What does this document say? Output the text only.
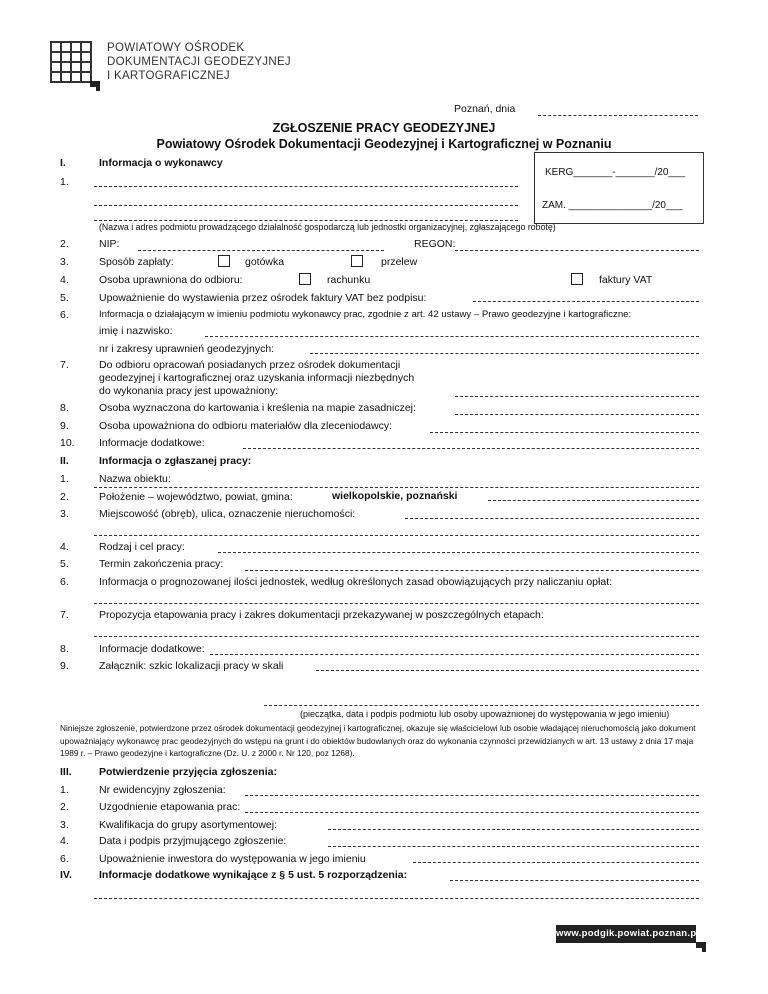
POWIATOWY OŚRODEK
DOKUMENTACJI GEODEZYJNEJ
I KARTOGRAFICZNEJ
Poznań, dnia
ZGŁOSZENIE PRACY GEODEZYJNEJ
Powiatowy Ośrodek Dokumentacji Geodezyjnej i Kartograficznej w Poznaniu
KERG_______-_______/20___
ZAM. _______________/20___
I.	Informacja o wykonawcy
1.
(Nazwa i adres podmiotu prowadzącego działalność gospodarczą lub jednostki organizacyjnej, zgłaszającego robotę)
2.	NIP:	REGON:
3.	Sposób zapłaty:	gotówka	przelew
4.	Osoba uprawniona do odbioru:	rachunku	faktury VAT
5.	Upoważnienie do wystawienia przez ośrodek faktury VAT bez podpisu:
6.	Informacja o działającym w imieniu podmiotu wykonawcy prac, zgodnie z art. 42 ustawy – Prawo geodezyjne i kartograficzne:
imię i nazwisko:
nr i zakresy uprawnień geodezyjnych:
7.	Do odbioru opracowań posiadanych przez ośrodek dokumentacji
geodezyjnej i kartograficznej oraz uzyskania informacji niezbędnych
do wykonania pracy jest upoważniony:
8.	Osoba wyznaczona do kartowania i kreślenia na mapie zasadniczej:
9.	Osoba upoważniona do odbioru materiałów dla zleceniodawcy:
10. Informacje dodatkowe:
II.	Informacja o zgłaszanej pracy:
1.	Nazwa obiektu:
2.	Położenie – województwo, powiat, gmina:	wielkopolskie, poznański
3.	Miejscowość (obręb), ulica, oznaczenie nieruchomości:
4.	Rodzaj i cel pracy:
5.	Termin zakończenia pracy:
6.	Informacja o prognozowanej ilości jednostek, według określonych zasad obowiązujących przy naliczaniu opłat:
7.	Propozycja etapowania pracy i zakres dokumentacji przekazywanej w poszczególnych etapach:
8.	Informacje dodatkowe:
9.	Załącznik: szkic lokalizacji pracy w skali
(pieczątka, data i podpis podmiotu lub osoby upoważnionej do występowania w jego imieniu)
Niniejsze zgłoszenie, potwierdzone przez ośrodek dokumentacji geodezyjnej i kartograficznej, okazuje się właścicielowi lub osobie władającej nieruchomością jako dokument upoważniający wykonawcę prac geodezyjnych do wstępu na grunt i do obiektów budowlanych oraz do wykonania czynności przewidzianych w art. 13 ustawy z dnia 17 maja 1989 r. – Prawo geodezyjne i kartograficzne (Dz. U. z 2000 r. Nr 120, poz 1268).
III.	Potwierdzenie przyjęcia zgłoszenia:
1.	Nr ewidencyjny zgłoszenia:
2.	Uzgodnienie etapowania prac:
3.	Kwalifikacja do grupy asortymentowej:
4.	Data i podpis przyjmującego zgłoszenie:
6.	Upoważnienie inwestora do występowania w jego imieniu
IV.	Informacje dodatkowe wynikające z § 5 ust. 5 rozporządzenia:
www.podgik.powiat.poznan.pl
